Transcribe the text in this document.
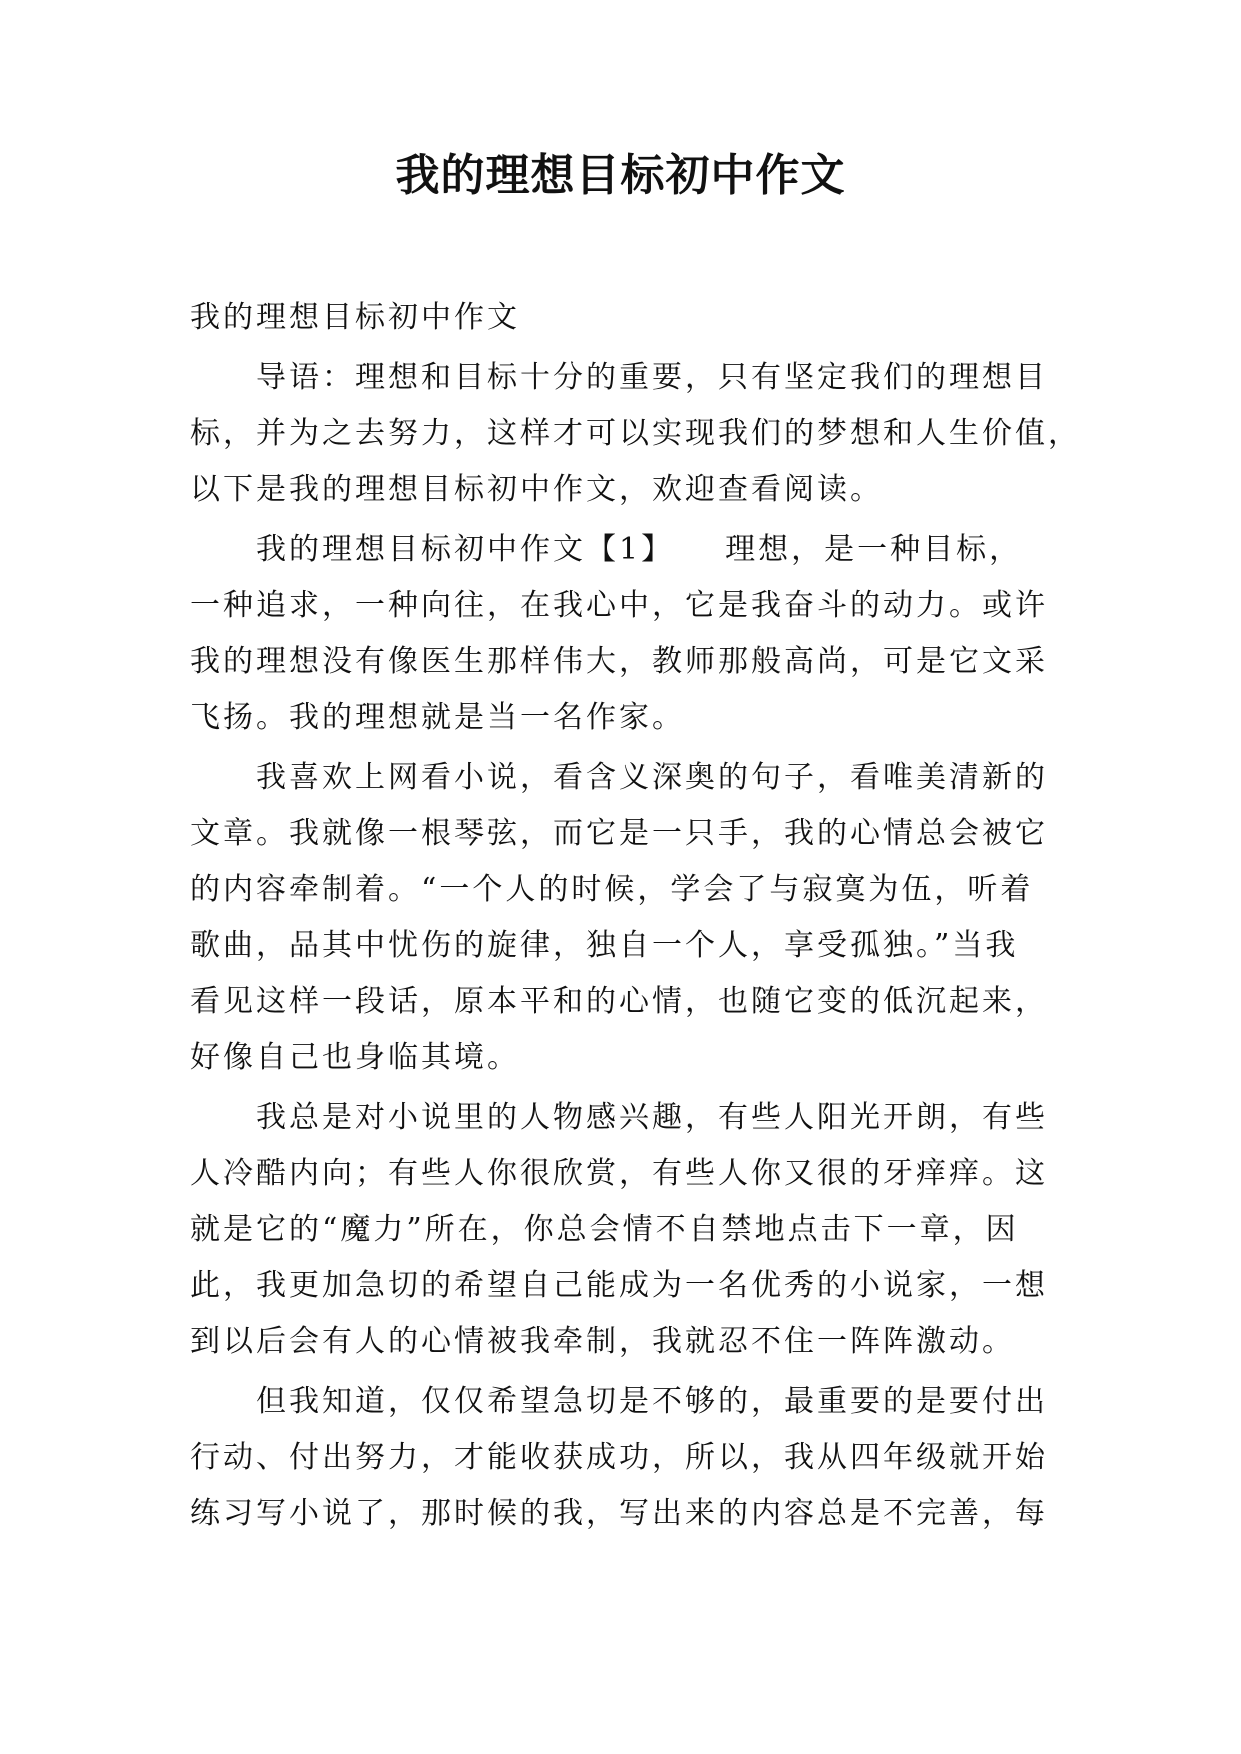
我的理想目标初中作文

我的理想目标初中作文

导语：理想和目标十分的重要，只有坚定我们的理想目

标，并为之去努力，这样才可以实现我们的梦想和人生价值，

以下是我的理想目标初中作文，欢迎查看阅读。

我的理想目标初中作文【1】　　理想，是一种目标，

一种追求，一种向往，在我心中，它是我奋斗的动力。或许

我的理想没有像医生那样伟大，教师那般高尚，可是它文采

飞扬。我的理想就是当一名作家。

我喜欢上网看小说，看含义深奥的句子，看唯美清新的

文章。我就像一根琴弦，而它是一只手，我的心情总会被它

的内容牵制着。“一个人的时候，学会了与寂寞为伍，听着

歌曲，品其中忧伤的旋律，独自一个人，享受孤独。”当我

看见这样一段话，原本平和的心情，也随它变的低沉起来，

好像自己也身临其境。

我总是对小说里的人物感兴趣，有些人阳光开朗，有些

人冷酷内向；有些人你很欣赏，有些人你又很的牙痒痒。这

就是它的“魔力”所在，你总会情不自禁地点击下一章，因

此，我更加急切的希望自己能成为一名优秀的小说家，一想

到以后会有人的心情被我牵制，我就忍不住一阵阵激动。

但我知道，仅仅希望急切是不够的，最重要的是要付出

行动、付出努力，才能收获成功，所以，我从四年级就开始

练习写小说了，那时候的我，写出来的内容总是不完善，每
